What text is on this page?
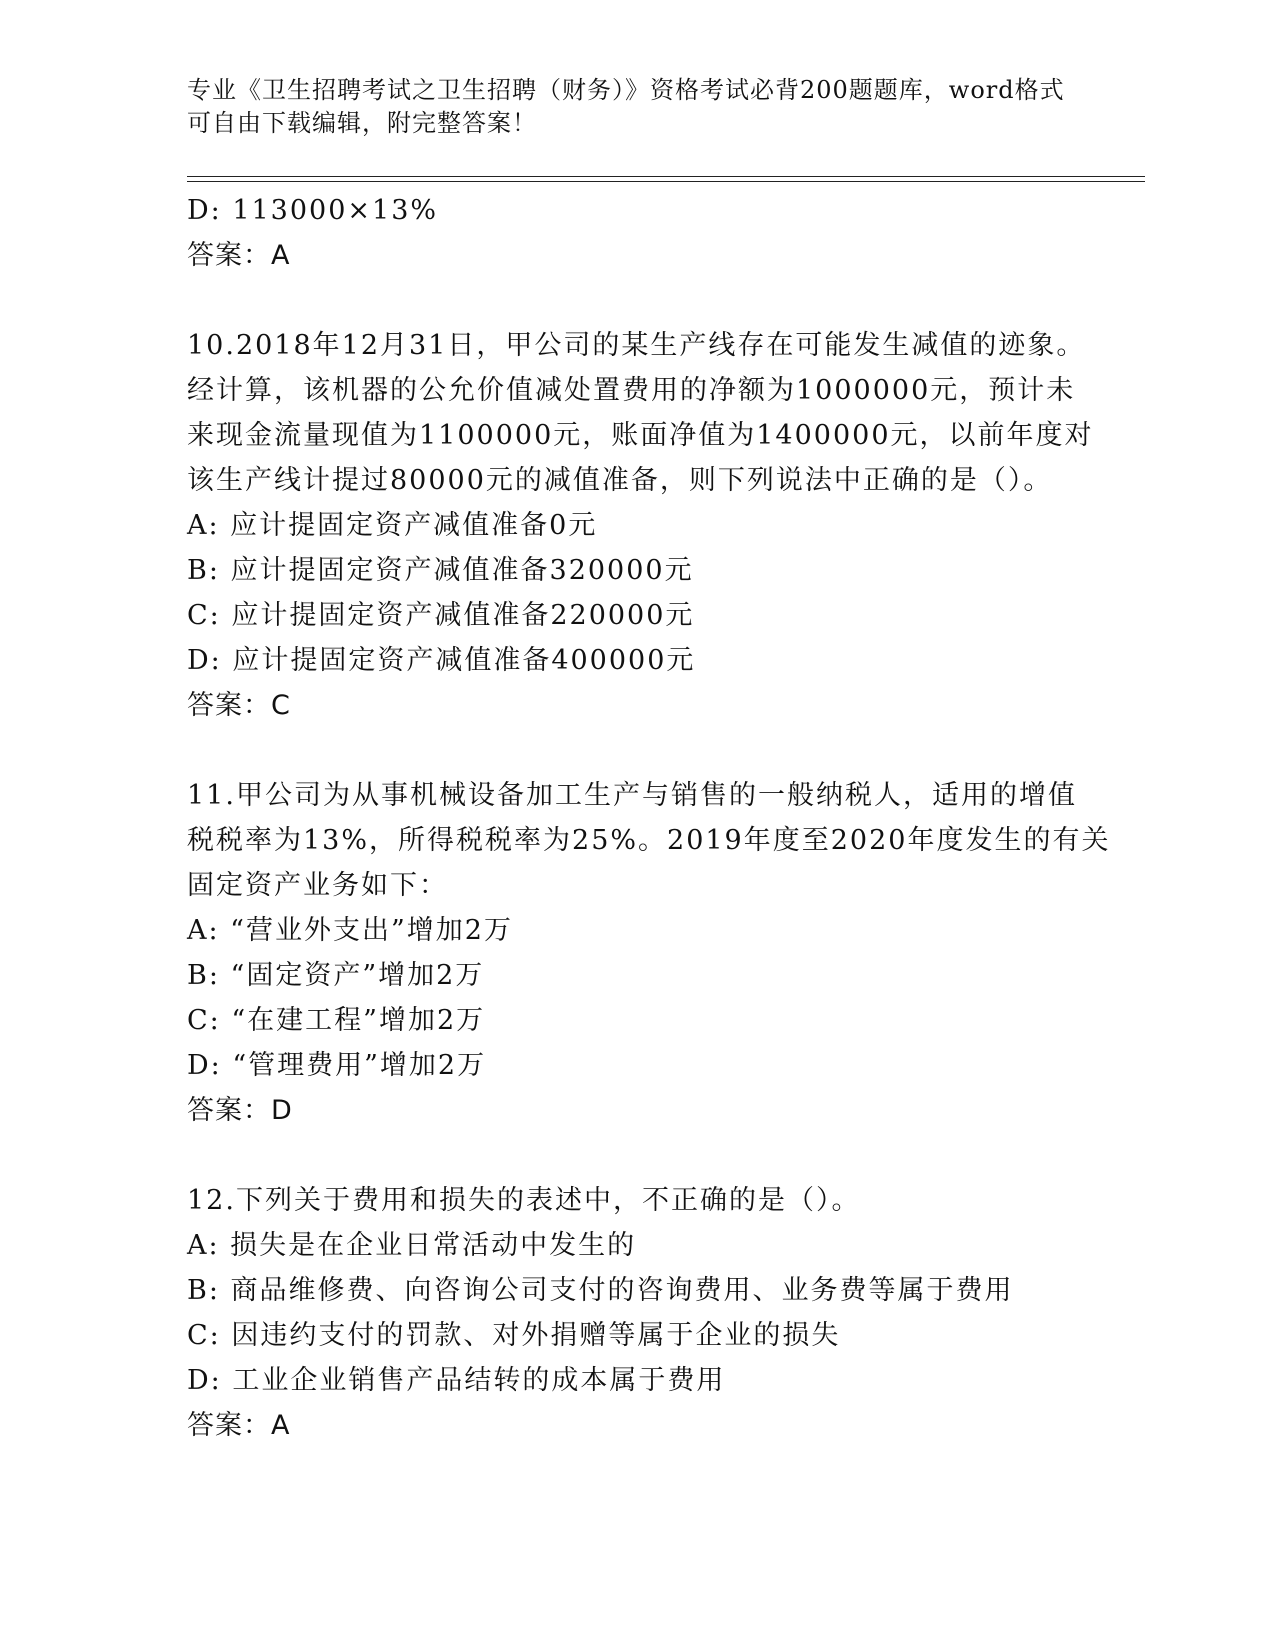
专业《卫生招聘考试之卫生招聘（财务）》资格考试必背200题题库，word格式
可自由下载编辑，附完整答案！
D: 113000×13%
答案：A
10.2018年12月31日，甲公司的某生产线存在可能发生减值的迹象。
经计算，该机器的公允价值减处置费用的净额为1000000元，预计未
来现金流量现值为1100000元，账面净值为1400000元，以前年度对
该生产线计提过80000元的减值准备，则下列说法中正确的是（）。
A: 应计提固定资产减值准备0元
B: 应计提固定资产减值准备320000元
C: 应计提固定资产减值准备220000元
D: 应计提固定资产减值准备400000元
答案：C
11.甲公司为从事机械设备加工生产与销售的一般纳税人，适用的增值
税税率为13%，所得税税率为25%。2019年度至2020年度发生的有关
固定资产业务如下：
A: “营业外支出”增加2万
B: “固定资产”增加2万
C: “在建工程”增加2万
D: “管理费用”增加2万
答案：D
12.下列关于费用和损失的表述中，不正确的是（）。
A: 损失是在企业日常活动中发生的
B: 商品维修费、向咨询公司支付的咨询费用、业务费等属于费用
C: 因违约支付的罚款、对外捐赠等属于企业的损失
D: 工业企业销售产品结转的成本属于费用
答案：A
